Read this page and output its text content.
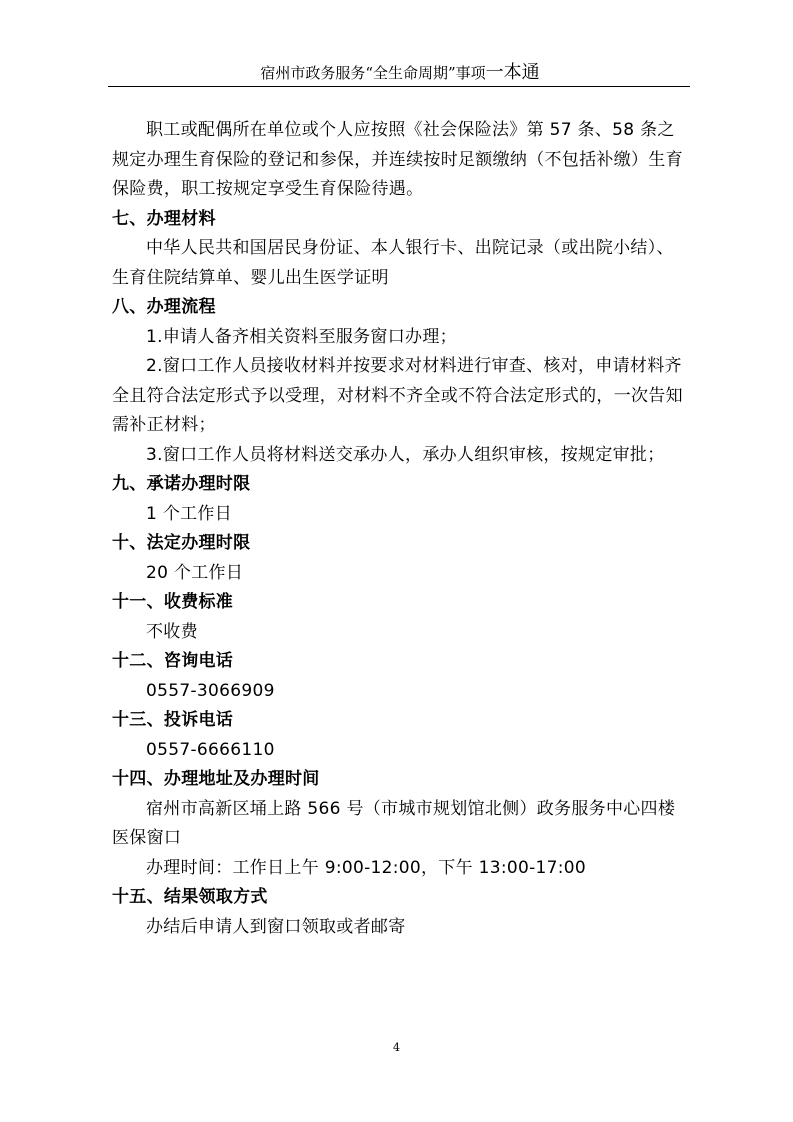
宿州市政务服务“全生命周期”事项一本通

职工或配偶所在单位或个人应按照《社会保险法》第 57 条、58 条之规定办理生育保险的登记和参保，并连续按时足额缴纳（不包括补缴）生育保险费，职工按规定享受生育保险待遇。

七、办理材料

中华人民共和国居民身份证、本人银行卡、出院记录（或出院小结）、生育住院结算单、婴儿出生医学证明

八、办理流程

1.申请人备齐相关资料至服务窗口办理；

2.窗口工作人员接收材料并按要求对材料进行审查、核对，申请材料齐全且符合法定形式予以受理，对材料不齐全或不符合法定形式的，一次告知需补正材料；

3.窗口工作人员将材料送交承办人，承办人组织审核，按规定审批；

九、承诺办理时限

1 个工作日

十、法定办理时限

20 个工作日

十一、收费标准

不收费

十二、咨询电话

0557-3066909

十三、投诉电话

0557-6666110

十四、办理地址及办理时间

宿州市高新区埇上路 566 号（市城市规划馆北侧）政务服务中心四楼医保窗口

办理时间：工作日上午 9:00-12:00，下午 13:00-17:00

十五、结果领取方式

办结后申请人到窗口领取或者邮寄

4
